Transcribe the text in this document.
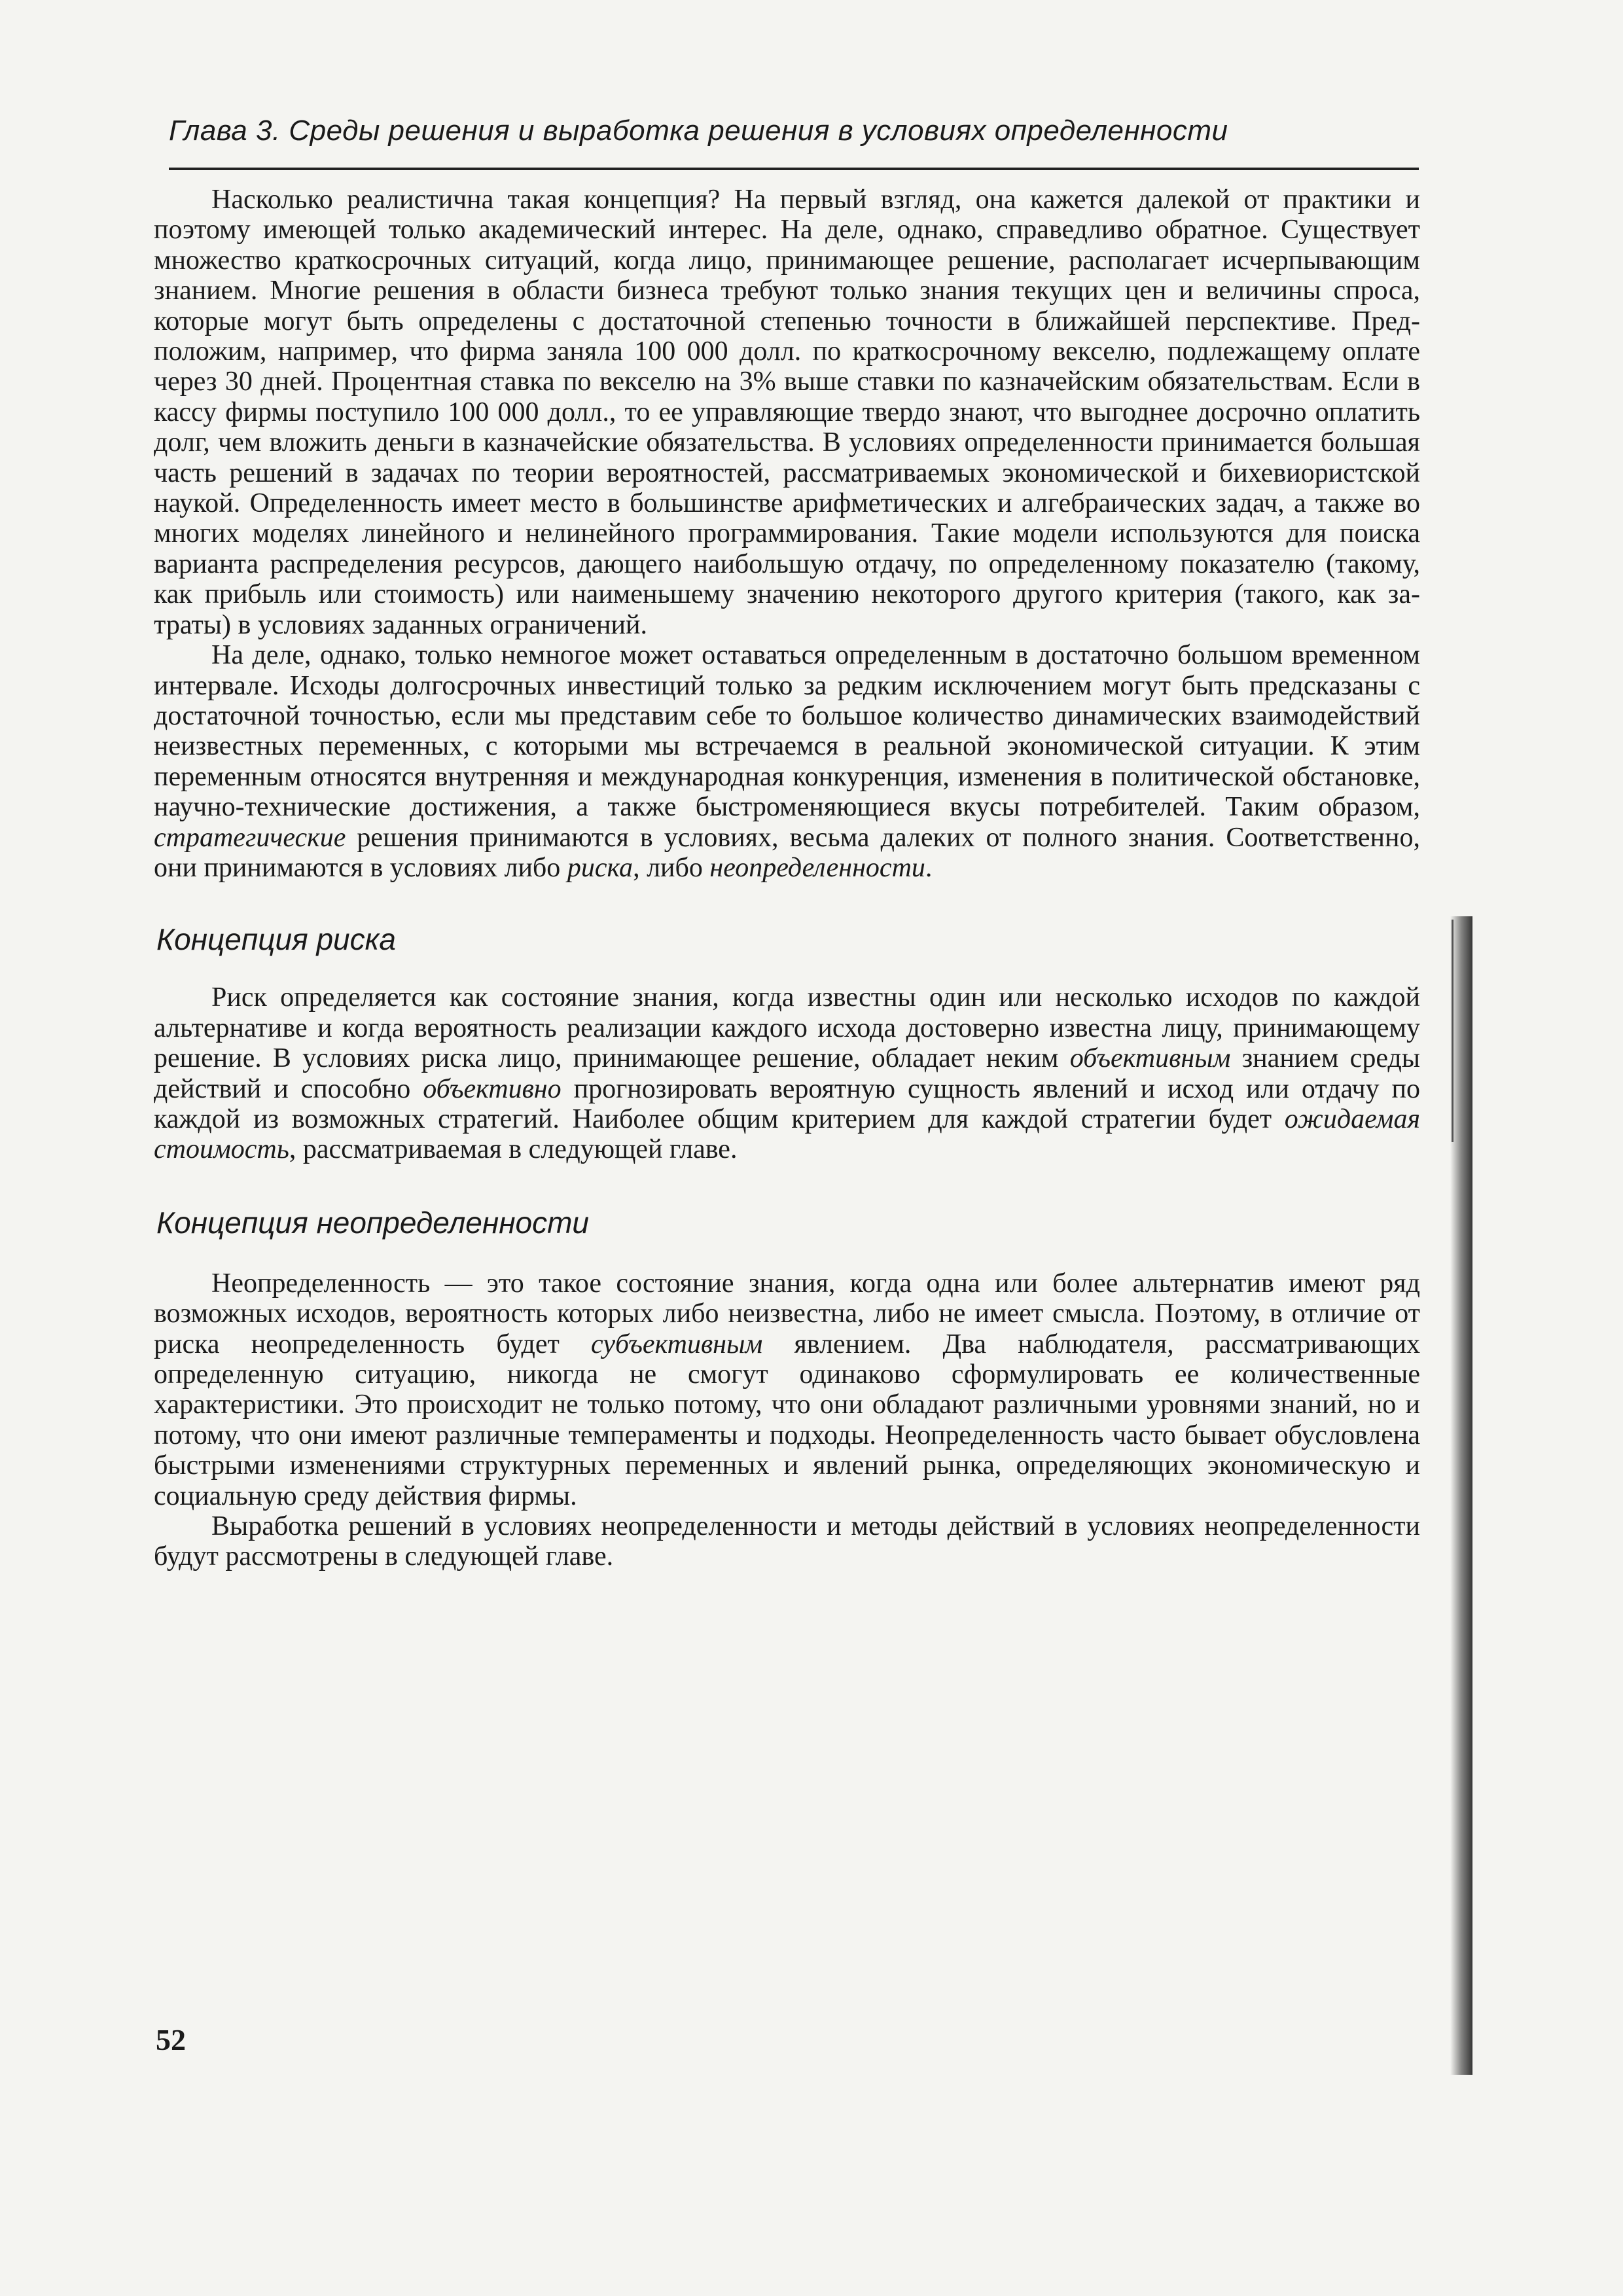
Глава 3. Среды решения и выработка решения в условиях определенности

Насколько реалистична такая концепция? На первый взгляд, она кажется далекой от практики и поэтому имеющей только академический интерес. На деле, однако, справедливо обратное. Существует множество краткосрочных ситуаций, когда лицо, принимающее решение, располагает исчерпывающим знанием. Многие решения в области бизнеса требуют только знания текущих цен и величины спроса, которые могут быть определены с достаточной степенью точности в ближайшей перспективе. Предположим, например, что фирма заняла 100 000 долл. по краткосрочному векселю, подлежащему оплате через 30 дней. Процентная ставка по векселю на 3% выше ставки по казначейским обязательствам. Если в кассу фирмы поступило 100 000 долл., то ее управляющие твердо знают, что выгоднее досрочно оплатить долг, чем вложить деньги в казначейские обязательства. В условиях определенности принимается большая часть решений в задачах по теории вероятностей, рассматриваемых экономической и бихевиористской наукой. Определенность имеет место в большинстве арифметических и алгебраических задач, а также во многих моделях линейного и нелинейного программирования. Такие модели используются для поиска варианта распределения ресурсов, дающего наибольшую отдачу, по определенному показателю (такому, как прибыль или стоимость) или наименьшему значению некоторого другого критерия (такого, как затраты) в условиях заданных ограничений.

На деле, однако, только немногое может оставаться определенным в достаточно большом временном интервале. Исходы долгосрочных инвестиций только за редким исключением могут быть предсказаны с достаточной точностью, если мы представим себе то большое количество динамических взаимодействий неизвестных переменных, с которыми мы встречаемся в реальной экономической ситуации. К этим переменным относятся внутренняя и международная конкуренция, изменения в политической обстановке, научно-технические достижения, а также быстроменяющиеся вкусы потребителей. Таким образом, стратегические решения принимаются в условиях, весьма далеких от полного знания. Соответственно, они принимаются в условиях либо риска, либо неопределенности.

Концепция риска

Риск определяется как состояние знания, когда известны один или несколько исходов по каждой альтернативе и когда вероятность реализации каждого исхода достоверно известна лицу, принимающему решение. В условиях риска лицо, принимающее решение, обладает неким объективным знанием среды действий и способно объективно прогнозировать вероятную сущность явлений и исход или отдачу по каждой из возможных стратегий. Наиболее общим критерием для каждой стратегии будет ожидаемая стоимость, рассматриваемая в следующей главе.

Концепция неопределенности

Неопределенность — это такое состояние знания, когда одна или более альтернатив имеют ряд возможных исходов, вероятность которых либо неизвестна, либо не имеет смысла. Поэтому, в отличие от риска неопределенность будет субъективным явлением. Два наблюдателя, рассматривающих определенную ситуацию, никогда не смогут одинаково сформулировать ее количественные характеристики. Это происходит не только потому, что они обладают различными уровнями знаний, но и потому, что они имеют различные темпераменты и подходы. Неопределенность часто бывает обусловлена быстрыми изменениями структурных переменных и явлений рынка, определяющих экономическую и социальную среду действия фирмы.

Выработка решений в условиях неопределенности и методы действий в условиях неопределенности будут рассмотрены в следующей главе.

52
